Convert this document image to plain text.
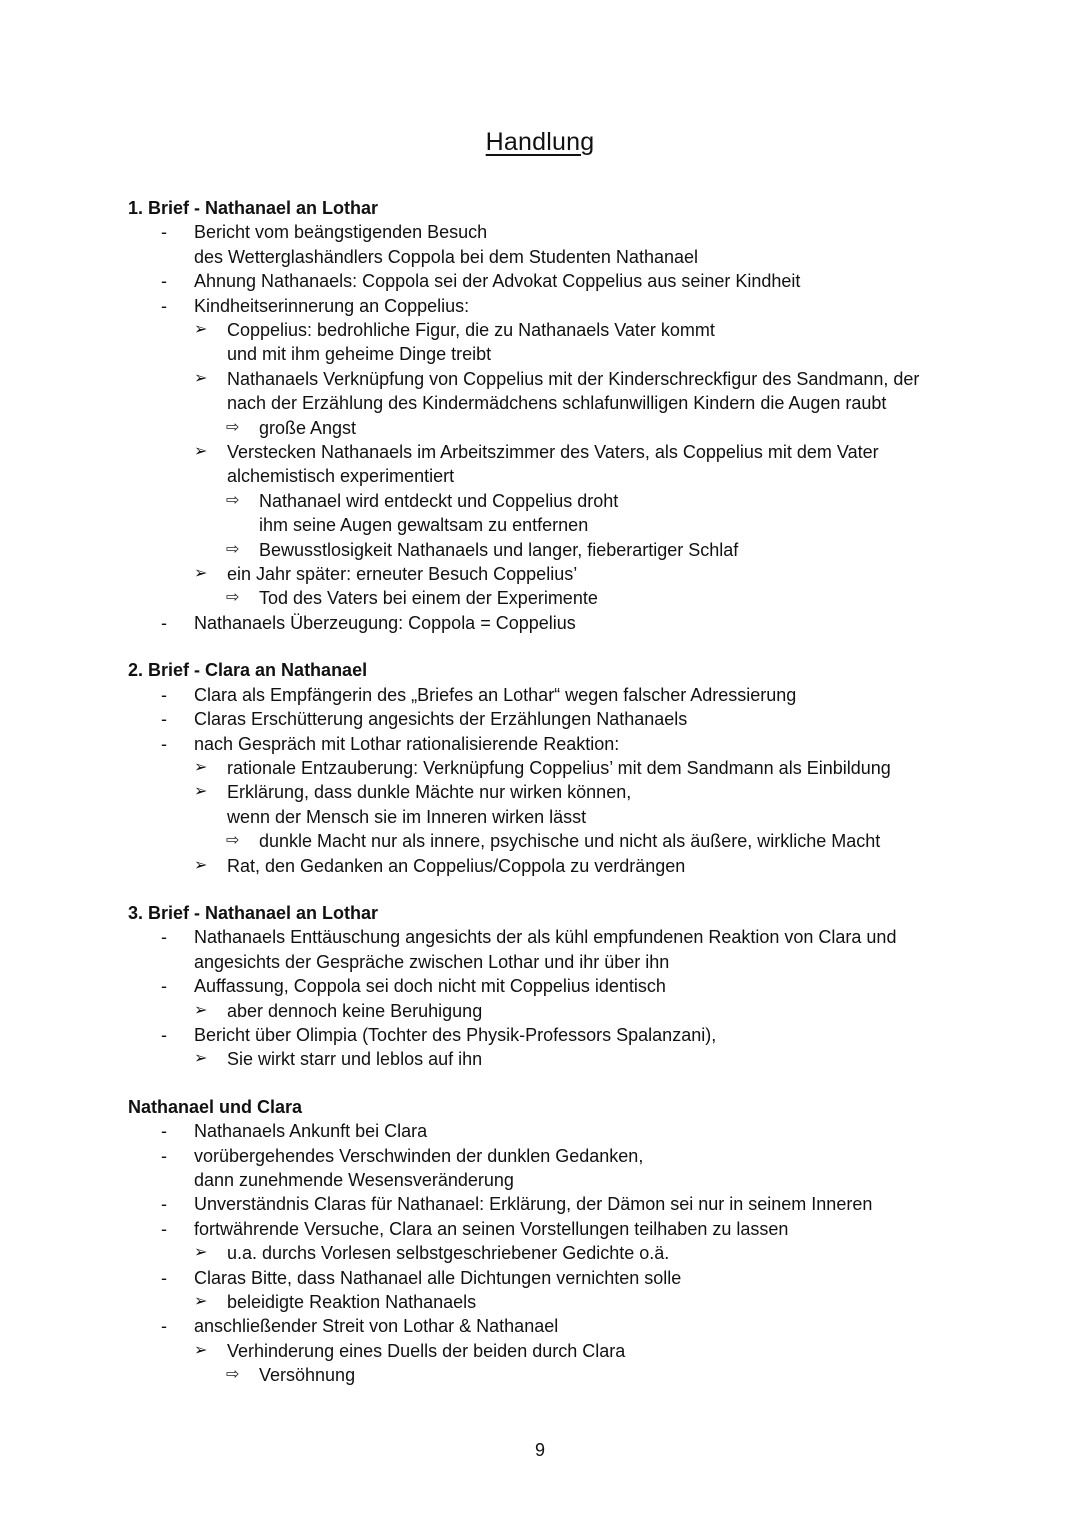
Handlung
1. Brief - Nathanael an Lothar
- Bericht vom beängstigenden Besuch
des Wetterglashändlers Coppola bei dem Studenten Nathanael
- Ahnung Nathanaels: Coppola sei der Advokat Coppelius aus seiner Kindheit
- Kindheitserinnerung an Coppelius:
➢ Coppelius: bedrohliche Figur, die zu Nathanaels Vater kommt
und mit ihm geheime Dinge treibt
➢ Nathanaels Verknüpfung von Coppelius mit der Kinderschreckfigur des Sandmann, der
nach der Erzählung des Kindermädchens schlafunwilligen Kindern die Augen raubt
⇨ große Angst
➢ Verstecken Nathanaels im Arbeitszimmer des Vaters, als Coppelius mit dem Vater
alchemistisch experimentiert
⇨ Nathanael wird entdeckt und Coppelius droht
ihm seine Augen gewaltsam zu entfernen
⇨ Bewusstlosigkeit Nathanaels und langer, fieberartiger Schlaf
➢ ein Jahr später: erneuter Besuch Coppelius’
⇨ Tod des Vaters bei einem der Experimente
- Nathanaels Überzeugung: Coppola = Coppelius
2. Brief - Clara an Nathanael
- Clara als Empfängerin des „Briefes an Lothar“ wegen falscher Adressierung
- Claras Erschütterung angesichts der Erzählungen Nathanaels
- nach Gespräch mit Lothar rationalisierende Reaktion:
➢ rationale Entzauberung: Verknüpfung Coppelius’ mit dem Sandmann als Einbildung
➢ Erklärung, dass dunkle Mächte nur wirken können,
wenn der Mensch sie im Inneren wirken lässt
⇨ dunkle Macht nur als innere, psychische und nicht als äußere, wirkliche Macht
➢ Rat, den Gedanken an Coppelius/Coppola zu verdrängen
3. Brief - Nathanael an Lothar
- Nathanaels Enttäuschung angesichts der als kühl empfundenen Reaktion von Clara und
angesichts der Gespräche zwischen Lothar und ihr über ihn
- Auffassung, Coppola sei doch nicht mit Coppelius identisch
➢ aber dennoch keine Beruhigung
- Bericht über Olimpia (Tochter des Physik-Professors Spalanzani),
➢ Sie wirkt starr und leblos auf ihn
Nathanael und Clara
- Nathanaels Ankunft bei Clara
- vorübergehendes Verschwinden der dunklen Gedanken,
dann zunehmende Wesensveränderung
- Unverständnis Claras für Nathanael: Erklärung, der Dämon sei nur in seinem Inneren
- fortwährende Versuche, Clara an seinen Vorstellungen teilhaben zu lassen
➢ u.a. durchs Vorlesen selbstgeschriebener Gedichte o.ä.
- Claras Bitte, dass Nathanael alle Dichtungen vernichten solle
➢ beleidigte Reaktion Nathanaels
- anschließender Streit von Lothar & Nathanael
➢ Verhinderung eines Duells der beiden durch Clara
⇨ Versöhnung
9
